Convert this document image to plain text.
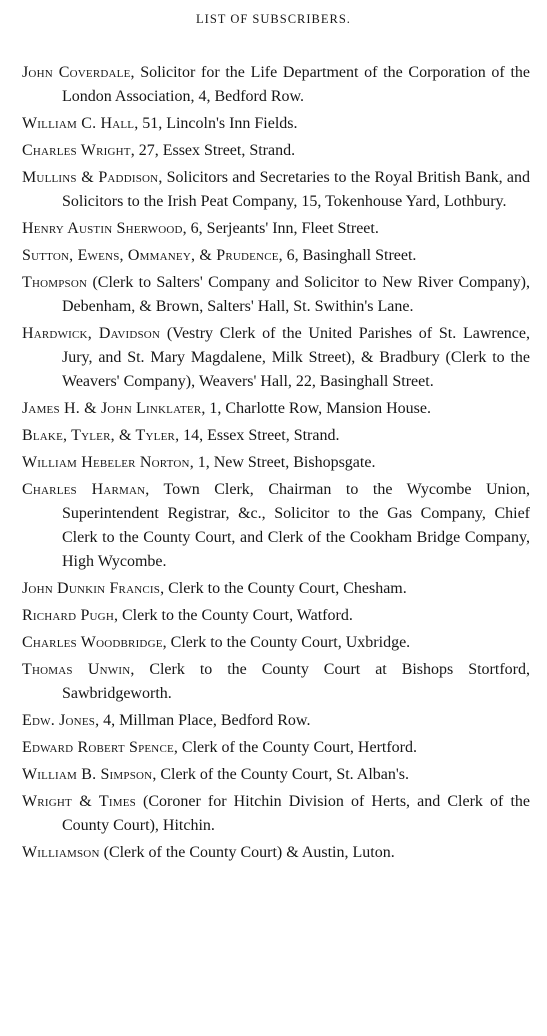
LIST OF SUBSCRIBERS.

John Coverdale, Solicitor for the Life Department of the Corporation of the London Association, 4, Bedford Row.

William C. Hall, 51, Lincoln's Inn Fields.

Charles Wright, 27, Essex Street, Strand.

Mullins & Paddison, Solicitors and Secretaries to the Royal British Bank, and Solicitors to the Irish Peat Company, 15, Tokenhouse Yard, Lothbury.

Henry Austin Sherwood, 6, Serjeants' Inn, Fleet Street.

Sutton, Ewens, Ommaney, & Prudence, 6, Basinghall Street.

Thompson (Clerk to Salters' Company and Solicitor to New River Company), Debenham, & Brown, Salters' Hall, St. Swithin's Lane.

Hardwick, Davidson (Vestry Clerk of the United Parishes of St. Lawrence, Jury, and St. Mary Magdalene, Milk Street), & Bradbury (Clerk to the Weavers' Company), Weavers' Hall, 22, Basinghall Street.

James H. & John Linklater, 1, Charlotte Row, Mansion House.

Blake, Tyler, & Tyler, 14, Essex Street, Strand.

William Hebeler Norton, 1, New Street, Bishopsgate.

Charles Harman, Town Clerk, Chairman to the Wycombe Union, Superintendent Registrar, &c., Solicitor to the Gas Company, Chief Clerk to the County Court, and Clerk of the Cookham Bridge Company, High Wycombe.

John Dunkin Francis, Clerk to the County Court, Chesham.

Richard Pugh, Clerk to the County Court, Watford.

Charles Woodbridge, Clerk to the County Court, Uxbridge.

Thomas Unwin, Clerk to the County Court at Bishops Stortford, Sawbridgeworth.

Edw. Jones, 4, Millman Place, Bedford Row.

Edward Robert Spence, Clerk of the County Court, Hertford.

William B. Simpson, Clerk of the County Court, St. Alban's.

Wright & Times (Coroner for Hitchin Division of Herts, and Clerk of the County Court), Hitchin.

Williamson (Clerk of the County Court) & Austin, Luton.
